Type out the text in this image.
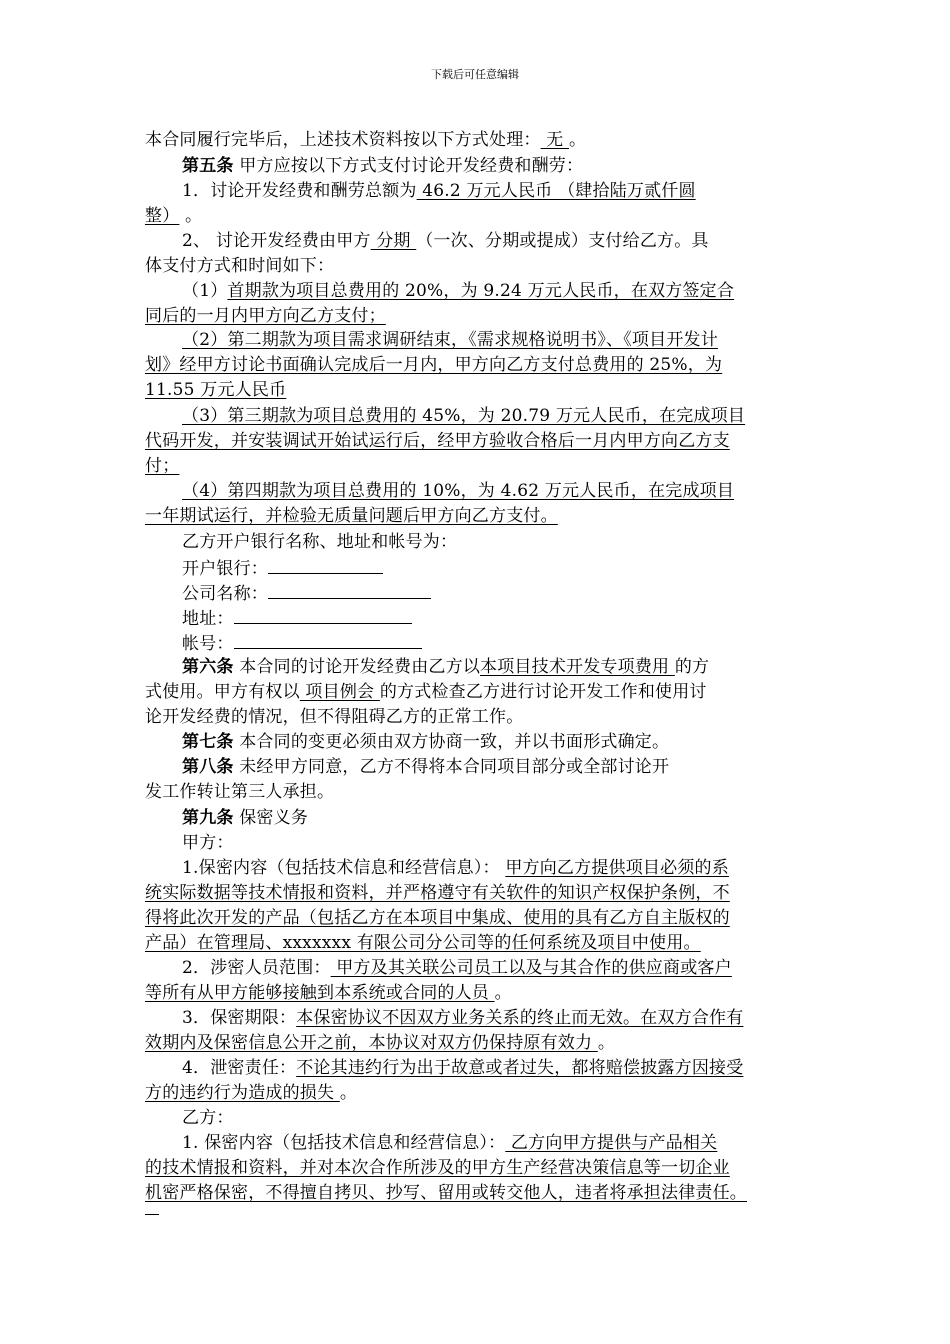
下载后可任意编辑
本合同履行完毕后，上述技术资料按以下方式处理： 无 。
第五条 甲方应按以下方式支付讨论开发经费和酬劳：
1．讨论开发经费和酬劳总额为 46.2 万元人民币 （肆拾陆万贰仟圆
整） 。
2、 讨论开发经费由甲方 分期 （一次、分期或提成）支付给乙方。具
体支付方式和时间如下：
（1）首期款为项目总费用的 20%，为 9.24 万元人民币，在双方签定合
同后的一月内甲方向乙方支付；
（2）第二期款为项目需求调研结束，《需求规格说明书》、《项目开发计
划》经甲方讨论书面确认完成后一月内，甲方向乙方支付总费用的 25%，为
11.55 万元人民币
（3）第三期款为项目总费用的 45%，为 20.79 万元人民币，在完成项目
代码开发，并安装调试开始试运行后，经甲方验收合格后一月内甲方向乙方支
付；
（4）第四期款为项目总费用的 10%，为 4.62 万元人民币，在完成项目
一年期试运行，并检验无质量问题后甲方向乙方支付。
乙方开户银行名称、地址和帐号为：
开户银行：
公司名称：
地址：
帐号：
第六条 本合同的讨论开发经费由乙方以本项目技术开发专项费用 的方
式使用。甲方有权以 项目例会 的方式检查乙方进行讨论开发工作和使用讨
论开发经费的情况，但不得阻碍乙方的正常工作。
第七条 本合同的变更必须由双方协商一致，并以书面形式确定。
第八条 未经甲方同意，乙方不得将本合同项目部分或全部讨论开
发工作转让第三人承担。
第九条 保密义务
甲方：
1.保密内容（包括技术信息和经营信息）： 甲方向乙方提供项目必须的系
统实际数据等技术情报和资料，并严格遵守有关软件的知识产权保护条例，不
得将此次开发的产品（包括乙方在本项目中集成、使用的具有乙方自主版权的
产品）在管理局、xxxxxxx 有限公司分公司等的任何系统及项目中使用。
2．涉密人员范围： 甲方及其关联公司员工以及与其合作的供应商或客户
等所有从甲方能够接触到本系统或合同的人员 。
3．保密期限：本保密协议不因双方业务关系的终止而无效。在双方合作有
效期内及保密信息公开之前，本协议对双方仍保持原有效力 。
4．泄密责任：不论其违约行为出于故意或者过失，都将赔偿披露方因接受
方的违约行为造成的损失 。
乙方：
1. 保密内容（包括技术信息和经营信息）： 乙方向甲方提供与产品相关
的技术情报和资料，并对本次合作所涉及的甲方生产经营决策信息等一切企业
机密严格保密，不得擅自拷贝、抄写、留用或转交他人，违者将承担法律责任。
